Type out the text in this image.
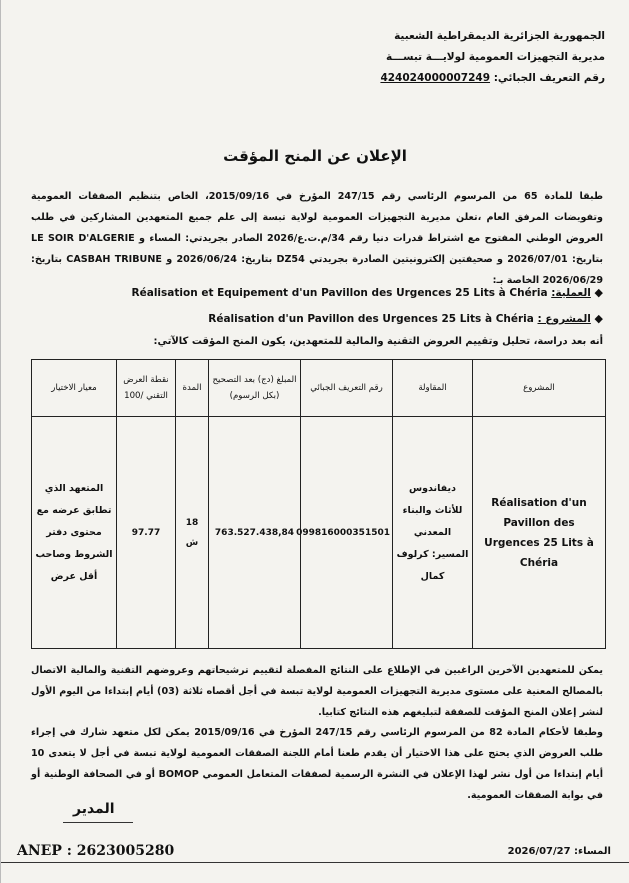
الجمهورية الجزائرية الديمقراطية الشعبية
مديرية التجهيزات العمومية لولايـــة تبســـة
رقم التعريف الجبائي: 424024000007249
الإعلان عن المنح المؤقت
طبقا للمادة 65 من المرسوم الرئاسي رقم 247/15 المؤرخ في 2015/09/16، الخاص بتنظيم الصفقات العمومية وتفويضات المرفق العام ،تعلن مديرية التجهيزات العمومية لولاية تبسة إلى علم جميع المتعهدين المشاركين في طلب العروض الوطني المفتوح مع اشتراط قدرات دنيا رقم 34/م.ت.ع/2026 الصادر بجريدتي: المساء و LE SOIR D'ALGERIE بتاريخ: 2026/07/01 و صحيفتين إلكترونيتين الصادرة بجريدتي DZ54 بتاريخ: 2026/06/24 و CASBAH TRIBUNE بتاريخ: 2026/06/29 الخاصة بـ:
◆ العملية: Réalisation et Equipement d'un Pavillon des Urgences 25 Lits à Chéria
◆ المشروع : Réalisation d'un Pavillon des Urgences 25 Lits à Chéria
أنه بعد دراسة، تحليل وتقييم العروض التقنية والمالية للمتعهدين، يكون المنح المؤقت كالآتي:
المشروع	المقاولة	رقم التعريف الجبائي	المبلغ (دج) بعد التصحيح (بكل الرسوم)	المدة	نقطة العرض التقني /100	معيار الاختيار
Réalisation d'un Pavillon des Urgences 25 Lits à Chéria	ديفاندوس للأثاث والبناء المعدني المسير: كرلوف كمال	099816000351501	763.527.438,84	18 ش	97.77	المتعهد الذي تطابق عرضه مع محتوى دفتر الشروط وصاحب أقل عرض
يمكن للمتعهدين الآخرين الراغبين في الإطلاع على النتائج المفصلة لتقييم ترشيحاتهم وعروضهم التقنية والمالية الاتصال بالمصالح المعنية على مستوى مديرية التجهيزات العمومية لولاية تبسة في أجل أقصاه ثلاثة (03) أيام إبتداءا من اليوم الأول لنشر إعلان المنح المؤقت للصفقة لتبليغهم هذه النتائج كتابيا.
وطبقا لأحكام المادة 82 من المرسوم الرئاسي رقم 247/15 المؤرخ في 2015/09/16 يمكن لكل متعهد شارك في إجراء طلب العروض الذي يحتج على هذا الاختيار أن يقدم طعنا أمام اللجنة الصفقات العمومية لولاية تبسة في أجل لا يتعدى 10 أيام إبتداءا من أول نشر لهذا الإعلان في النشرة الرسمية لصفقات المتعامل العمومي BOMOP أو في الصحافة الوطنية أو في بوابة الصفقات العمومية.
المدير
ANEP : 2623005280	المساء: 2026/07/27
